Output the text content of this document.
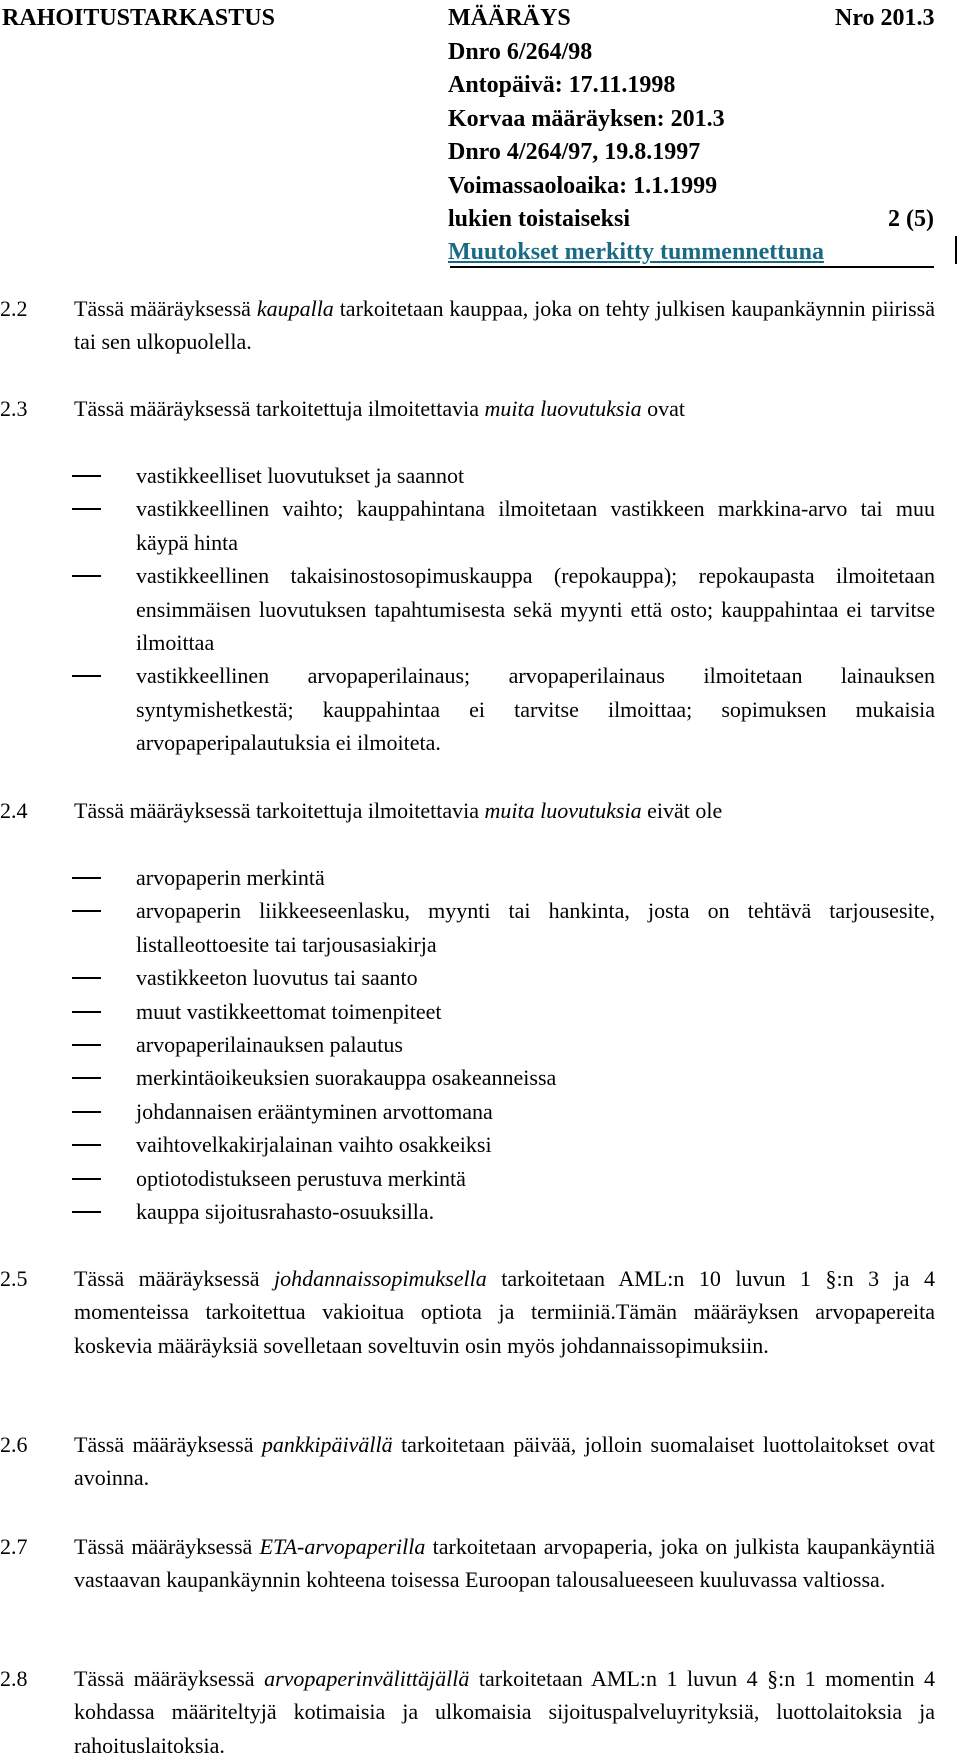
RAHOITUSTARKASTUS	MÄÄRÄYS	Nro 201.3
Dnro 6/264/98
Antopäivä: 17.11.1998
Korvaa määräyksen: 201.3
Dnro 4/264/97, 19.8.1997
Voimassaoloaika: 1.1.1999
lukien toistaiseksi	2 (5)
Muutokset merkitty tummennettuna
2.2 Tässä määräyksessä kaupalla tarkoitetaan kauppaa, joka on tehty julkisen kaupankäynnin piirissä tai sen ulkopuolella.
2.3 Tässä määräyksessä tarkoitettuja ilmoitettavia muita luovutuksia ovat
vastikkeelliset luovutukset ja saannot
vastikkeellinen vaihto; kauppahintana ilmoitetaan vastikkeen markkina-arvo tai muu käypä hinta
vastikkeellinen takaisinostosopimuskauppa (repokauppa); repokaupasta ilmoitetaan ensimmäisen luovutuksen tapahtumisesta sekä myynti että osto; kauppahintaa ei tarvitse ilmoittaa
vastikkeellinen arvopaperilainaus; arvopaperilainaus ilmoitetaan lainauksen syntymishetkestä; kauppahintaa ei tarvitse ilmoittaa; sopimuksen mukaisia arvopaperipalautuksia ei ilmoiteta.
2.4 Tässä määräyksessä tarkoitettuja ilmoitettavia muita luovutuksia eivät ole
arvopaperin merkintä
arvopaperin liikkeeseenlasku, myynti tai hankinta, josta on tehtävä tarjousesite, listalleottoesite tai tarjousasiakirja
vastikkeeton luovutus tai saanto
muut vastikkeettomat toimenpiteet
arvopaperilainauksen palautus
merkintäoikeuksien suorakauppa osakeanneissa
johdannaisen erääntyminen arvottomana
vaihtovelkakirjalainan vaihto osakkeiksi
optiotodistukseen perustuva merkintä
kauppa sijoitusrahasto-osuuksilla.
2.5 Tässä määräyksessä johdannaissopimuksella tarkoitetaan AML:n 10 luvun 1 §:n 3 ja 4 momenteissa tarkoitettua vakioitua optiota ja termiiniä.Tämän määräyksen arvopapereita koskevia määräyksiä sovelletaan soveltuvin osin myös johdannaissopimuksiin.
2.6 Tässä määräyksessä pankkipäivällä tarkoitetaan päivää, jolloin suomalaiset luottolaitokset ovat avoinna.
2.7 Tässä määräyksessä ETA-arvopaperilla tarkoitetaan arvopaperia, joka on julkista kaupankäyntiä vastaavan kaupankäynnin kohteena toisessa Euroopan talousalueeseen kuuluvassa valtiossa.
2.8 Tässä määräyksessä arvopaperinvälittäjällä tarkoitetaan AML:n 1 luvun 4 §:n 1 momentin 4 kohdassa määriteltyjä kotimaisia ja ulkomaisia sijoituspalveluyrityksiä, luottolaitoksia ja rahoituslaitoksia.
